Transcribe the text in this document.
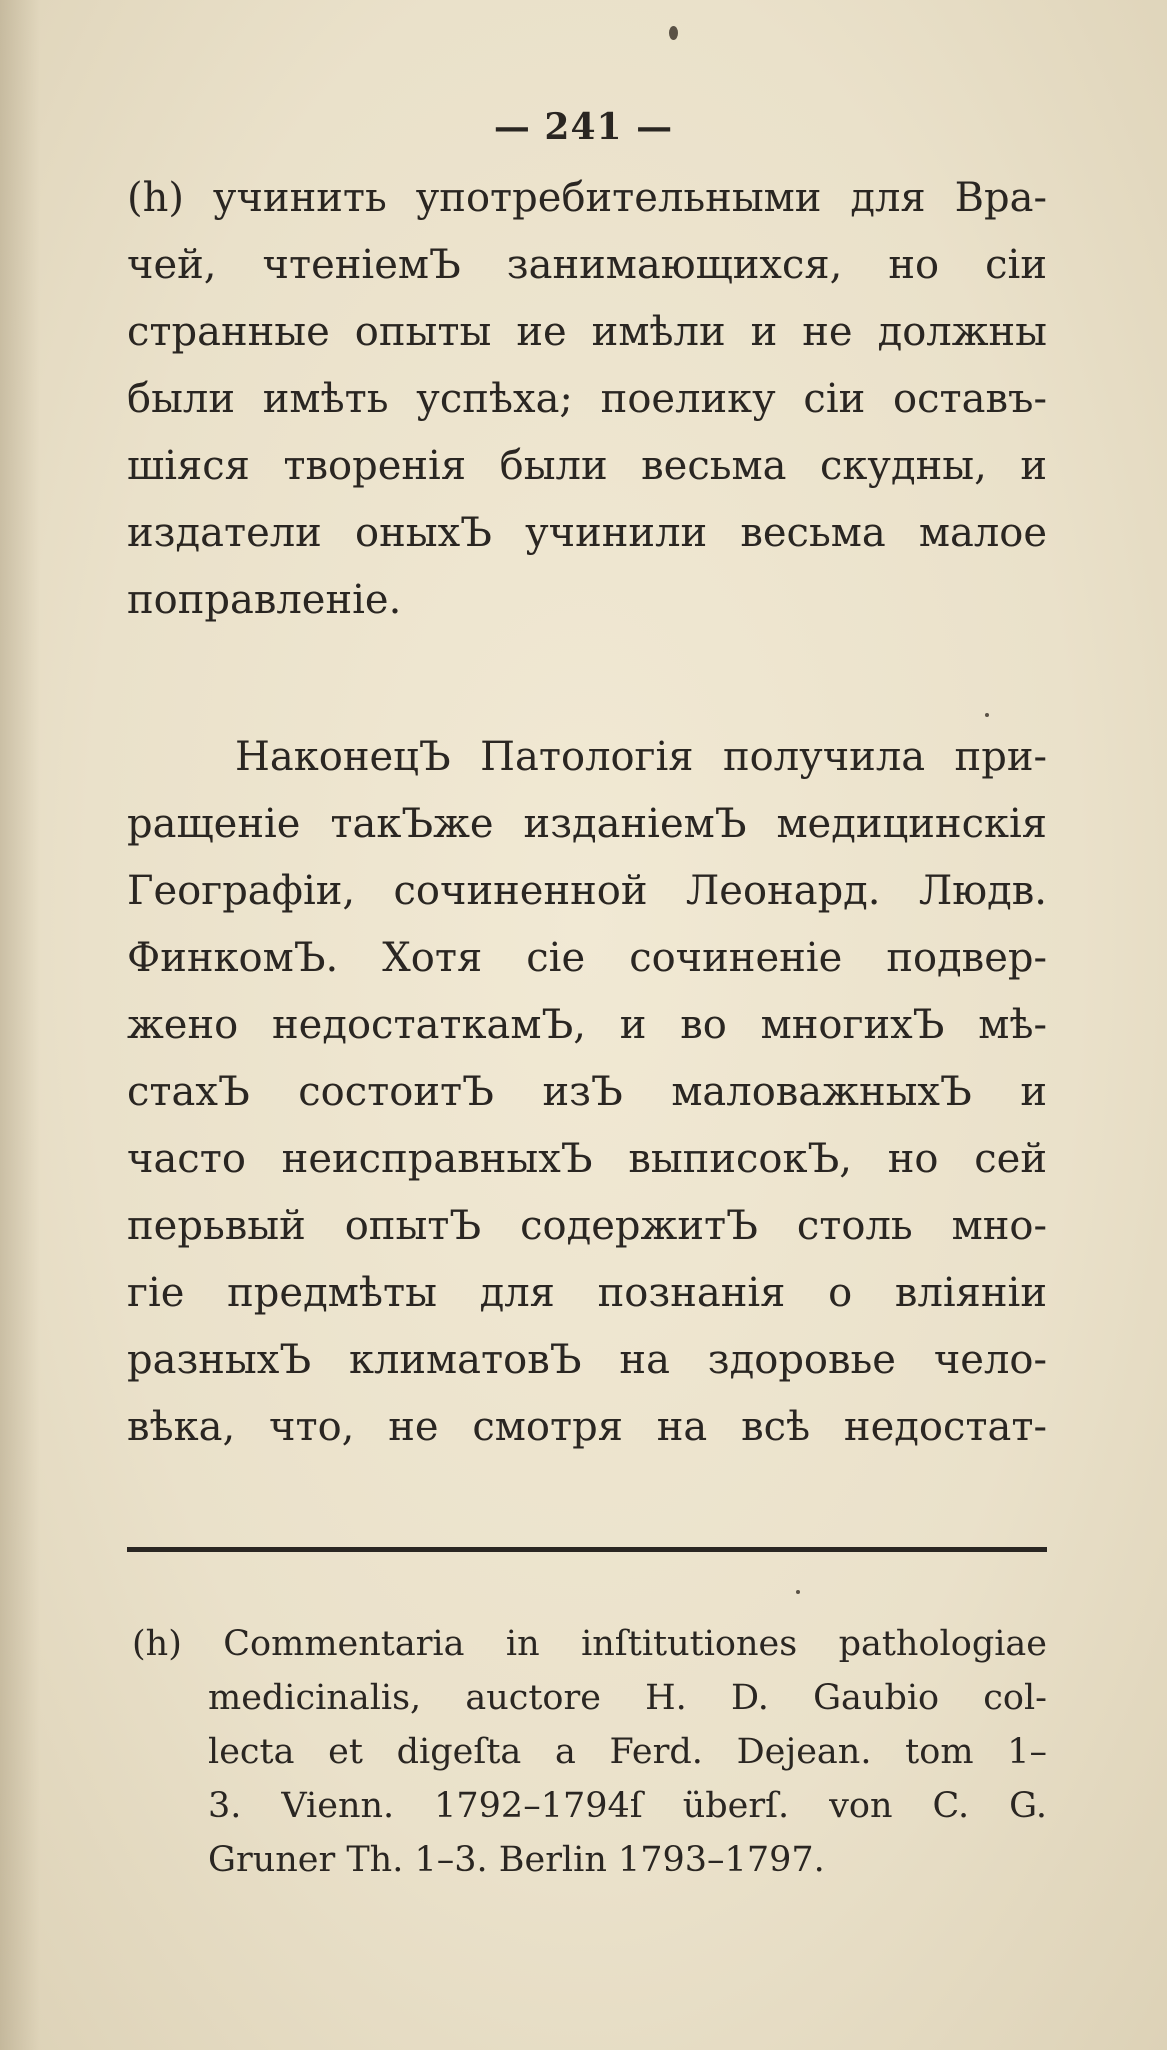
— 241 —
(h) учинить употребительными для Вра-
чей, чтенiемЪ занимающихся, но сiи
странные опыты ие имѣли и не должны
были имѣть успѣха; поелику сiи оставъ-
шiяся творенiя были весьма скудны, и
издатели оныхЪ учинили весьма малое
поправленiе.
НаконецЪ Патологiя получила при-
ращенiе такЪже изданiемЪ медицинскiя
Географiи, сочиненной Леонард. Людв.
ФинкомЪ. Хотя сiе сочиненiе подвер-
жено недостаткамЪ, и во многихЪ мѣ-
стахЪ состоитЪ изЪ маловажныхЪ и
часто неисправныхЪ выписокЪ, но сей
перьвый опытЪ содержитЪ столь мно-
гiе предмѣты для познанiя о влiянiи
разныхЪ климатовЪ на здоровье чело-
вѣка, что, не смотря на всѣ недостат-
(h) Commentaria in inſtitutiones pathologiae
medicinalis, auctore H. D. Gaubio col-
lecta et digeſta a Ferd. Dejean. tom 1–
3. Vienn. 1792–1794ſ überſ. von C. G.
Gruner Th. 1–3. Berlin 1793–1797.
